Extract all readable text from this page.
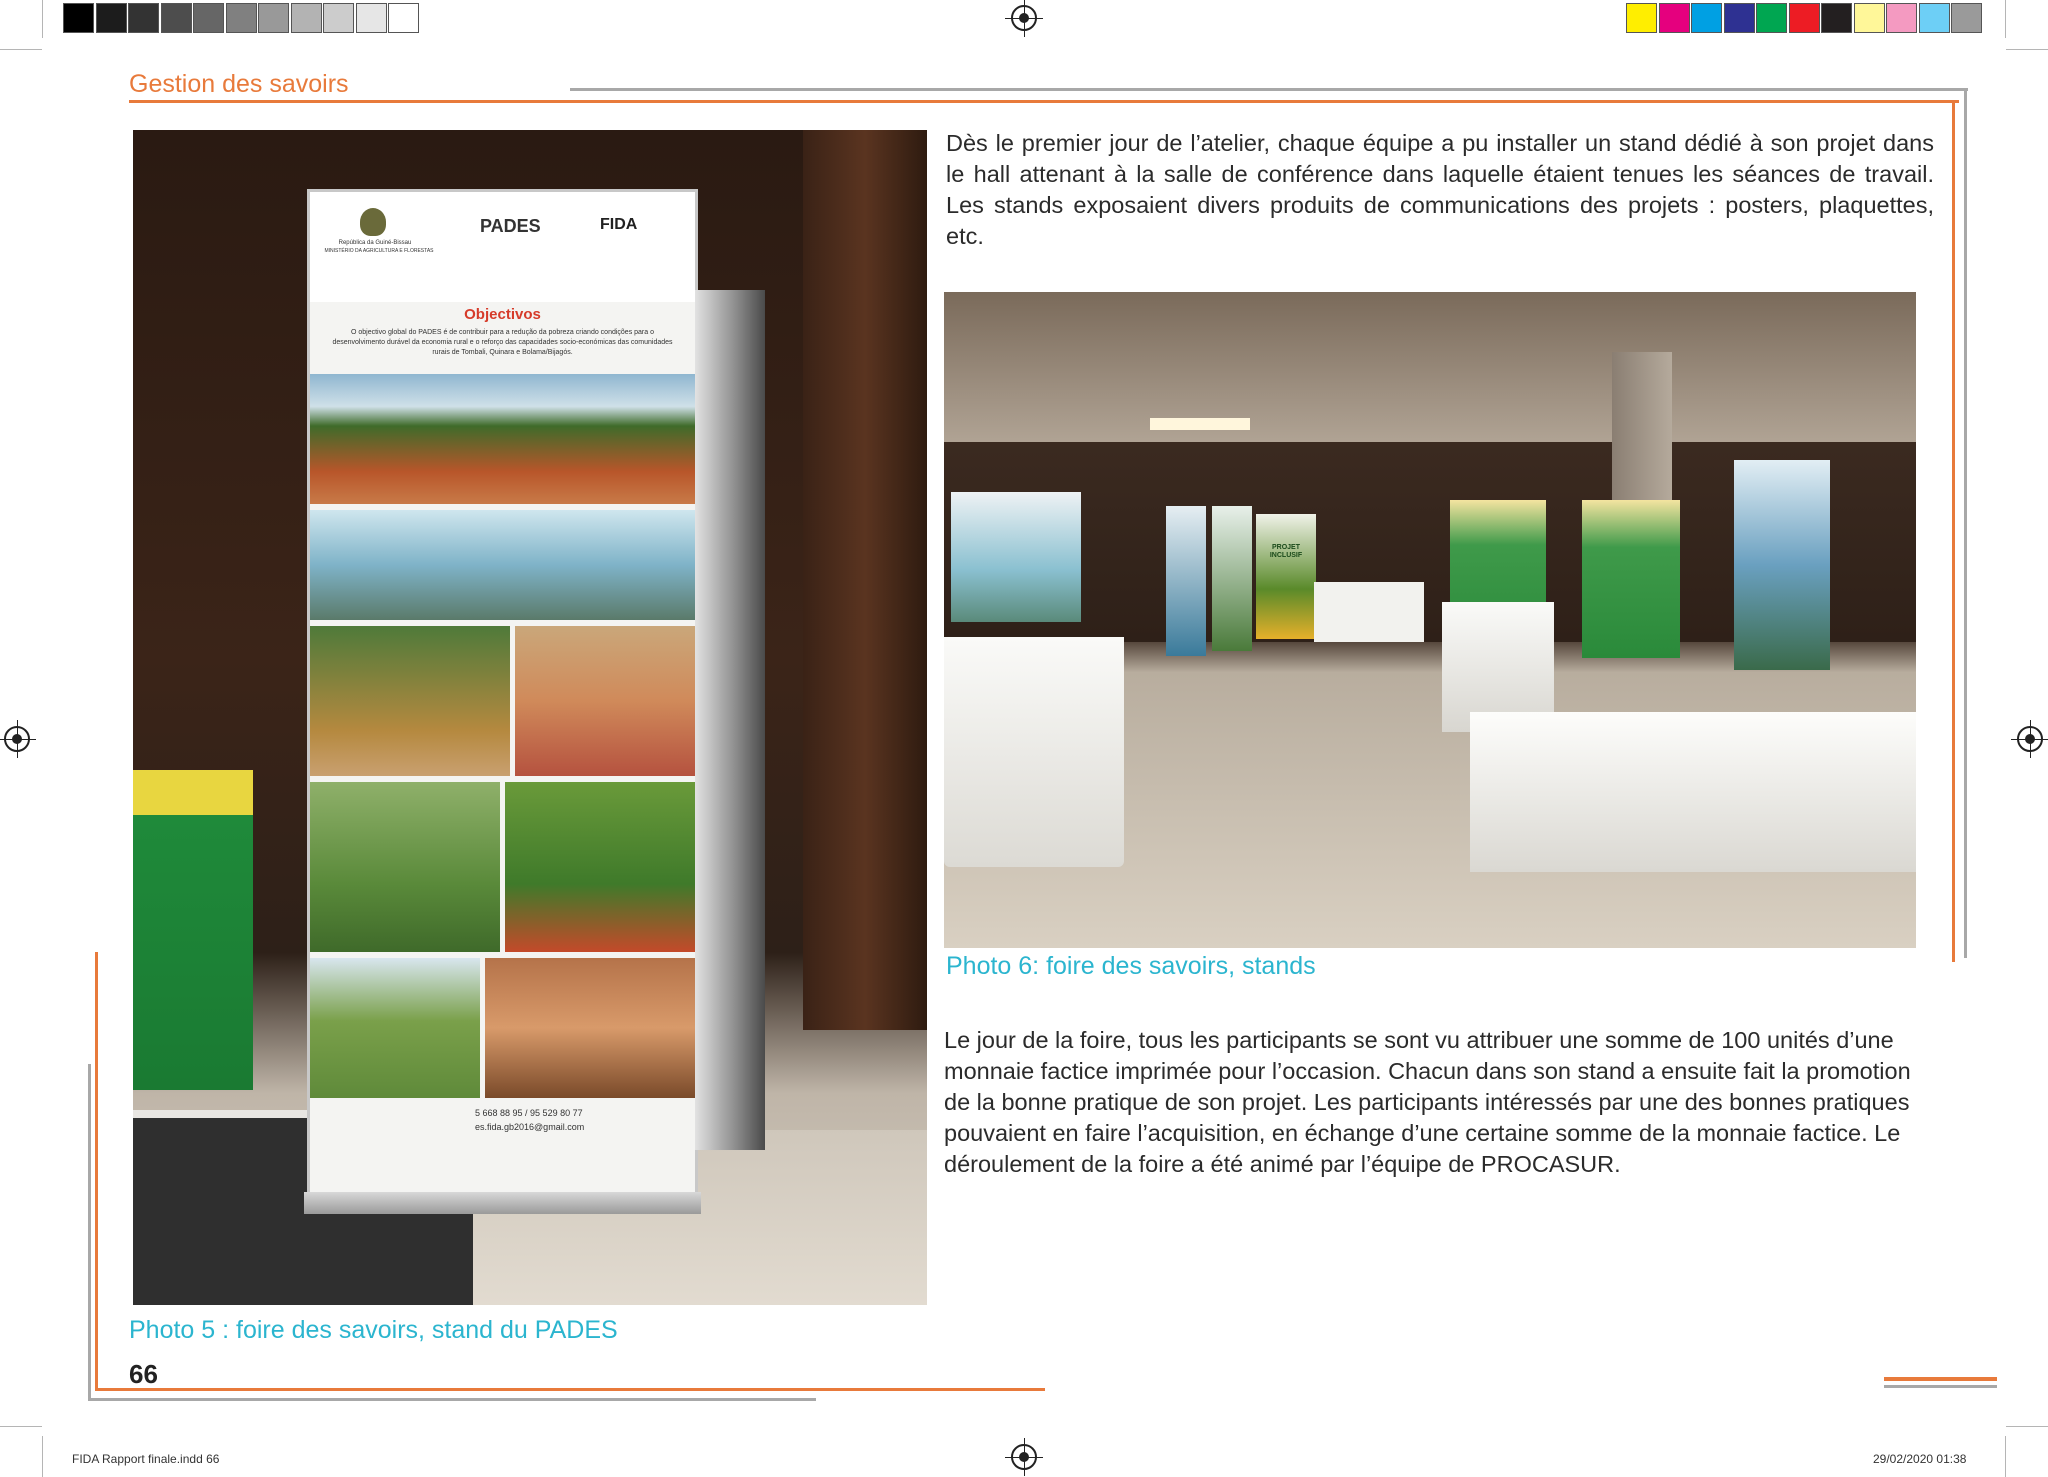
Gestion des savoirs
República da Guiné-Bissau
MINISTÉRIO DA AGRICULTURA E FLORESTAS
PADES	FIDA
Objectivos
O objectivo global do PADES é de contribuir para a redução da pobreza criando condições para o desenvolvimento durável da economia rural e o reforço das capacidades socio-económicas das comunidades rurais de Tombali, Quinara e Bolama/Bijagós.
5 668 88 95 / 95 529 80 77
es.fida.gb2016@gmail.com
Dès le premier jour de l’atelier, chaque équipe a pu installer un stand dédié à son projet dans le hall attenant à la salle de conférence dans laquelle étaient tenues les séances de travail. Les stands exposaient divers produits de communications des projets : posters, plaquettes, etc.
PROJET INCLUSIF
Photo 6: foire des savoirs, stands
Le jour de la foire, tous les participants se sont vu attribuer une somme de 100 unités d’une monnaie factice imprimée pour l’occasion. Chacun dans son stand a ensuite fait la promotion de la bonne pratique de son projet. Les participants intéressés par une des bonnes pratiques pouvaient en faire l’acquisition, en échange d’une certaine somme de la monnaie factice. Le déroulement de la foire a été animé par l’équipe de PROCASUR.
Photo 5 : foire des savoirs, stand du PADES
66
FIDA Rapport finale.indd 66	29/02/2020 01:38
